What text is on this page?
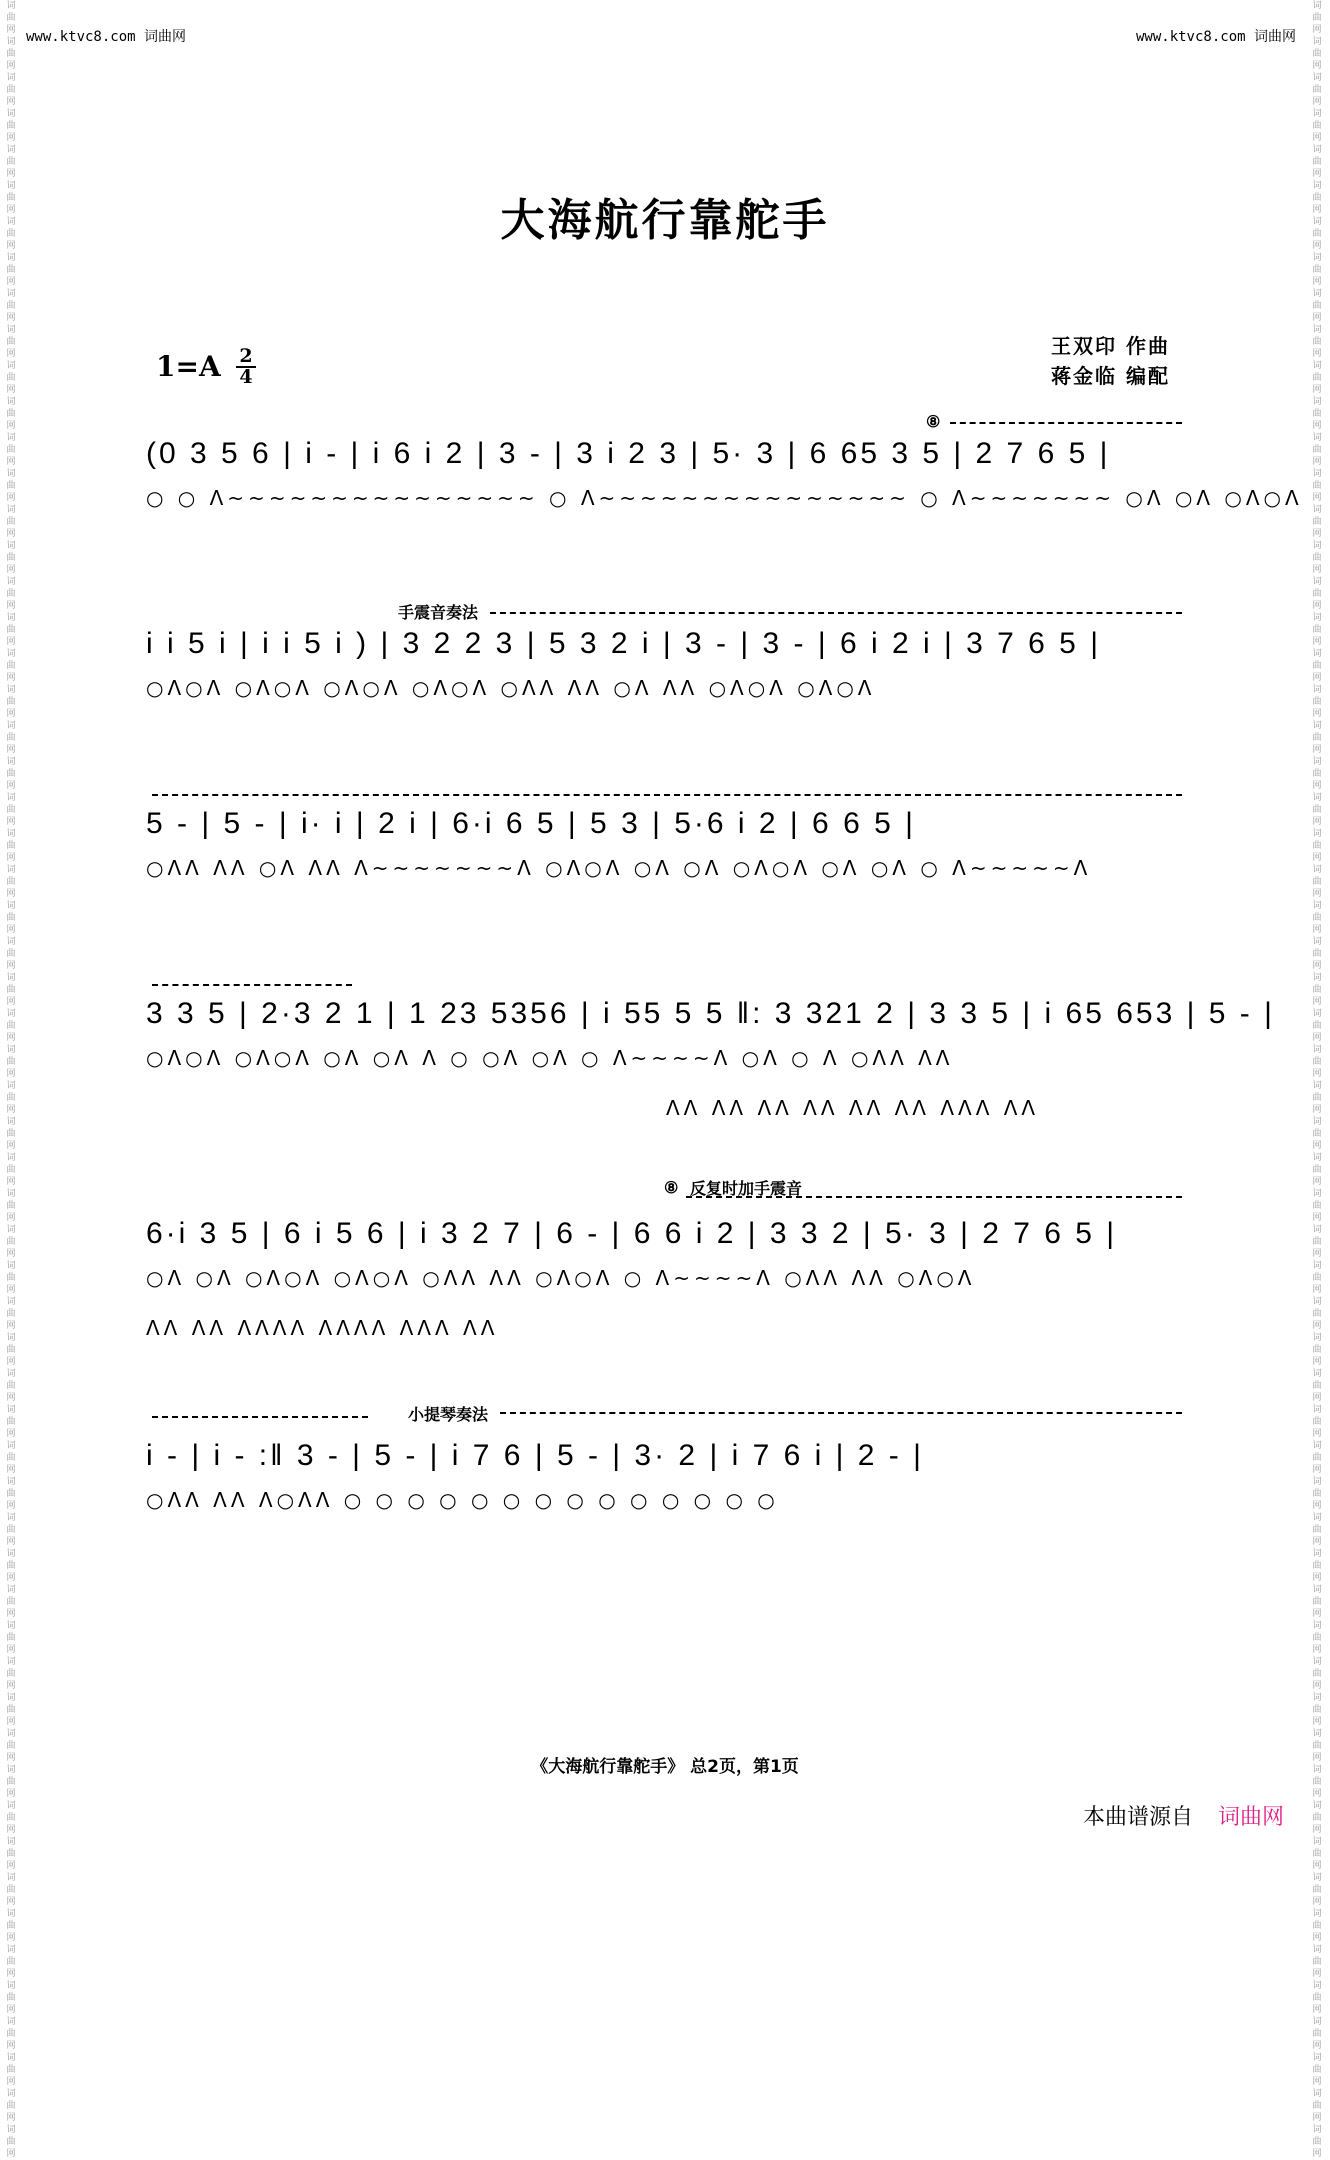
www.ktvc8.com 词曲网	www.ktvc8.com 词曲网
词曲网词曲网词曲网词曲网词曲网词曲网词曲网词曲网词曲网词曲网词曲网词曲网词曲网词曲网词曲网词曲网词曲网词曲网词曲网词曲网词曲网词曲网词曲网词曲网词曲网词曲网词曲网词曲网词曲网词曲网词曲网词曲网词曲网词曲网词曲网词曲网词曲网词曲网词曲网词曲网词曲网词曲网词曲网词曲网词曲网词曲网词曲网词曲网词曲网词曲网词曲网词曲网词曲网词曲网词曲网词曲网词曲网词曲网词曲网词曲网
词曲网词曲网词曲网词曲网词曲网词曲网词曲网词曲网词曲网词曲网词曲网词曲网词曲网词曲网词曲网词曲网词曲网词曲网词曲网词曲网词曲网词曲网词曲网词曲网词曲网词曲网词曲网词曲网词曲网词曲网词曲网词曲网词曲网词曲网词曲网词曲网词曲网词曲网词曲网词曲网词曲网词曲网词曲网词曲网词曲网词曲网词曲网词曲网词曲网词曲网词曲网词曲网词曲网词曲网词曲网词曲网词曲网词曲网词曲网词曲网
大海航行靠舵手
1=A 2
4
王双印 作曲
蒋金临 编配
⑧
(0 3 5 6 | i - | i 6 i 2 | 3 - | 3 i 2 3 | 5· 3 | 6 65 3 5 | 2 7 6 5 |
○ ○ Λ~~~~~~~~~~~~~~~ ○ Λ~~~~~~~~~~~~~~~ ○ Λ~~~~~~~ ○Λ ○Λ ○Λ○Λ
手震音奏法
i i 5 i | i i 5 i ) | 3 2 2 3 | 5 3 2 i | 3 - | 3 - | 6 i 2 i | 3 7 6 5 |
○Λ○Λ ○Λ○Λ ○Λ○Λ ○Λ○Λ ○ΛΛ ΛΛ ○Λ ΛΛ ○Λ○Λ ○Λ○Λ
5 - | 5 - | i· i | 2 i | 6·i 6 5 | 5 3 | 5·6 i 2 | 6 6 5 |
○ΛΛ ΛΛ ○Λ ΛΛ Λ~~~~~~~Λ ○Λ○Λ ○Λ ○Λ ○Λ○Λ ○Λ ○Λ ○ Λ~~~~~Λ
3 3 5 | 2·3 2 1 | 1 23 5356 | i 55 5 5 ‖: 3 321 2 | 3 3 5 | i 65 653 | 5 - |
○Λ○Λ ○Λ○Λ ○Λ ○Λ Λ ○ ○Λ ○Λ ○ Λ~~~~Λ ○Λ ○ Λ ○ΛΛ ΛΛ
ΛΛ ΛΛ ΛΛ ΛΛ ΛΛ ΛΛ ΛΛΛ ΛΛ
⑧ 反复时加手震音
6·i 3 5 | 6 i 5 6 | i 3 2 7 | 6 - | 6 6 i 2 | 3 3 2 | 5· 3 | 2 7 6 5 |
○Λ ○Λ ○Λ○Λ ○Λ○Λ ○ΛΛ ΛΛ ○Λ○Λ ○ Λ~~~~Λ ○ΛΛ ΛΛ ○Λ○Λ
ΛΛ ΛΛ ΛΛΛΛ ΛΛΛΛ ΛΛΛ ΛΛ
小提琴奏法
i - | i - :‖ 3 - | 5 - | i 7 6 | 5 - | 3· 2 | i 7 6 i | 2 - |
○ΛΛ ΛΛ Λ○ΛΛ ○ ○ ○ ○ ○ ○ ○ ○ ○ ○ ○ ○ ○ ○
《大海航行靠舵手》 总2页，第1页
本曲谱源自 词曲网
